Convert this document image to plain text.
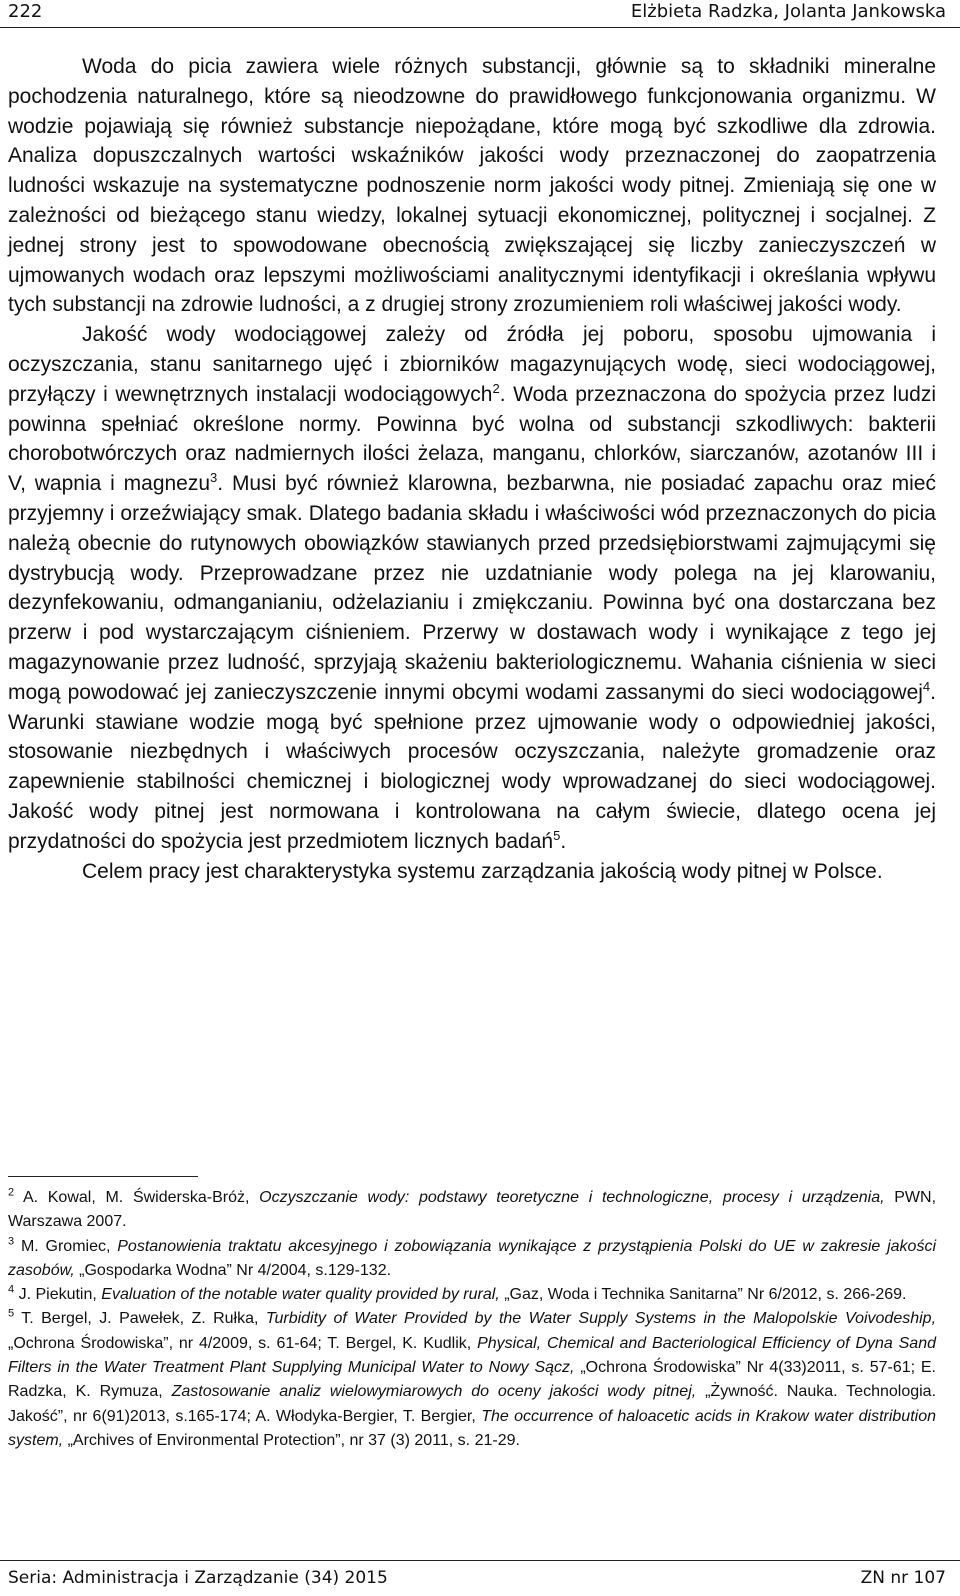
222	Elżbieta Radzka, Jolanta Jankowska

Woda do picia zawiera wiele różnych substancji, głównie są to składniki mineralne pochodzenia naturalnego, które są nieodzowne do prawidłowego funkcjonowania organizmu. W wodzie pojawiają się również substancje niepożądane, które mogą być szkodliwe dla zdrowia. Analiza dopuszczalnych wartości wskaźników jakości wody przeznaczonej do zaopatrzenia ludności wskazuje na systematyczne podnoszenie norm jakości wody pitnej. Zmieniają się one w zależności od bieżącego stanu wiedzy, lokalnej sytuacji ekonomicznej, politycznej i socjalnej. Z jednej strony jest to spowodowane obecnością zwiększającej się liczby zanieczyszczeń w ujmowanych wodach oraz lepszymi możliwościami analitycznymi identyfikacji i określania wpływu tych substancji na zdrowie ludności, a z drugiej strony zrozumieniem roli właściwej jakości wody.

Jakość wody wodociągowej zależy od źródła jej poboru, sposobu ujmowania i oczyszczania, stanu sanitarnego ujęć i zbiorników magazynujących wodę, sieci wodociągowej, przyłączy i wewnętrznych instalacji wodociągowych$^2$. Woda przeznaczona do spożycia przez ludzi powinna spełniać określone normy. Powinna być wolna od substancji szkodliwych: bakterii chorobotwórczych oraz nadmiernych ilości żelaza, manganu, chlorków, siarczanów, azotanów III i V, wapnia i magnezu$^3$. Musi być również klarowna, bezbarwna, nie posiadać zapachu oraz mieć przyjemny i orzeźwiający smak. Dlatego badania składu i właściwości wód przeznaczonych do picia należą obecnie do rutynowych obowiązków stawianych przed przedsiębiorstwami zajmującymi się dystrybucją wody. Przeprowadzane przez nie uzdatnianie wody polega na jej klarowaniu, dezynfekowaniu, odmanganianiu, odżelazianiu i zmiękczaniu. Powinna być ona dostarczana bez przerw i pod wystarczającym ciśnieniem. Przerwy w dostawach wody i wynikające z tego jej magazynowanie przez ludność, sprzyjają skażeniu bakteriologicznemu. Wahania ciśnienia w sieci mogą powodować jej zanieczyszczenie innymi obcymi wodami zassanymi do sieci wodociągowej$^4$. Warunki stawiane wodzie mogą być spełnione przez ujmowanie wody o odpowiedniej jakości, stosowanie niezbędnych i właściwych procesów oczyszczania, należyte gromadzenie oraz zapewnienie stabilności chemicznej i biologicznej wody wprowadzanej do sieci wodociągowej. Jakość wody pitnej jest normowana i kontrolowana na całym świecie, dlatego ocena jej przydatności do spożycia jest przedmiotem licznych badań$^5$.

Celem pracy jest charakterystyka systemu zarządzania jakością wody pitnej w Polsce.

$^2$ A. Kowal, M. Świderska-Bróż, Oczyszczanie wody: podstawy teoretyczne i technologiczne, procesy i urządzenia, PWN, Warszawa 2007.

$^3$ M. Gromiec, Postanowienia traktatu akcesyjnego i zobowiązania wynikające z przystąpienia Polski do UE w zakresie jakości zasobów, „Gospodarka Wodna” Nr 4/2004, s.129-132.

$^4$ J. Piekutin, Evaluation of the notable water quality provided by rural, „Gaz, Woda i Technika Sanitarna” Nr 6/2012, s. 266-269.

$^5$ T. Bergel, J. Pawełek, Z. Rułka, Turbidity of Water Provided by the Water Supply Systems in the Malopolskie Voivodeship, „Ochrona Środowiska”, nr 4/2009, s. 61-64; T. Bergel, K. Kudlik, Physical, Chemical and Bacteriological Efficiency of Dyna Sand Filters in the Water Treatment Plant Supplying Municipal Water to Nowy Sącz, „Ochrona Środowiska” Nr 4(33)2011, s. 57-61; E. Radzka, K. Rymuza, Zastosowanie analiz wielowymiarowych do oceny jakości wody pitnej, „Żywność. Nauka. Technologia. Jakość”, nr 6(91)2013, s.165-174; A. Włodyka-Bergier, T. Bergier, The occurrence of haloacetic acids in Krakow water distribution system, „Archives of Environmental Protection”, nr 37 (3) 2011, s. 21-29.

Seria: Administracja i Zarządzanie (34) 2015	ZN nr 107
